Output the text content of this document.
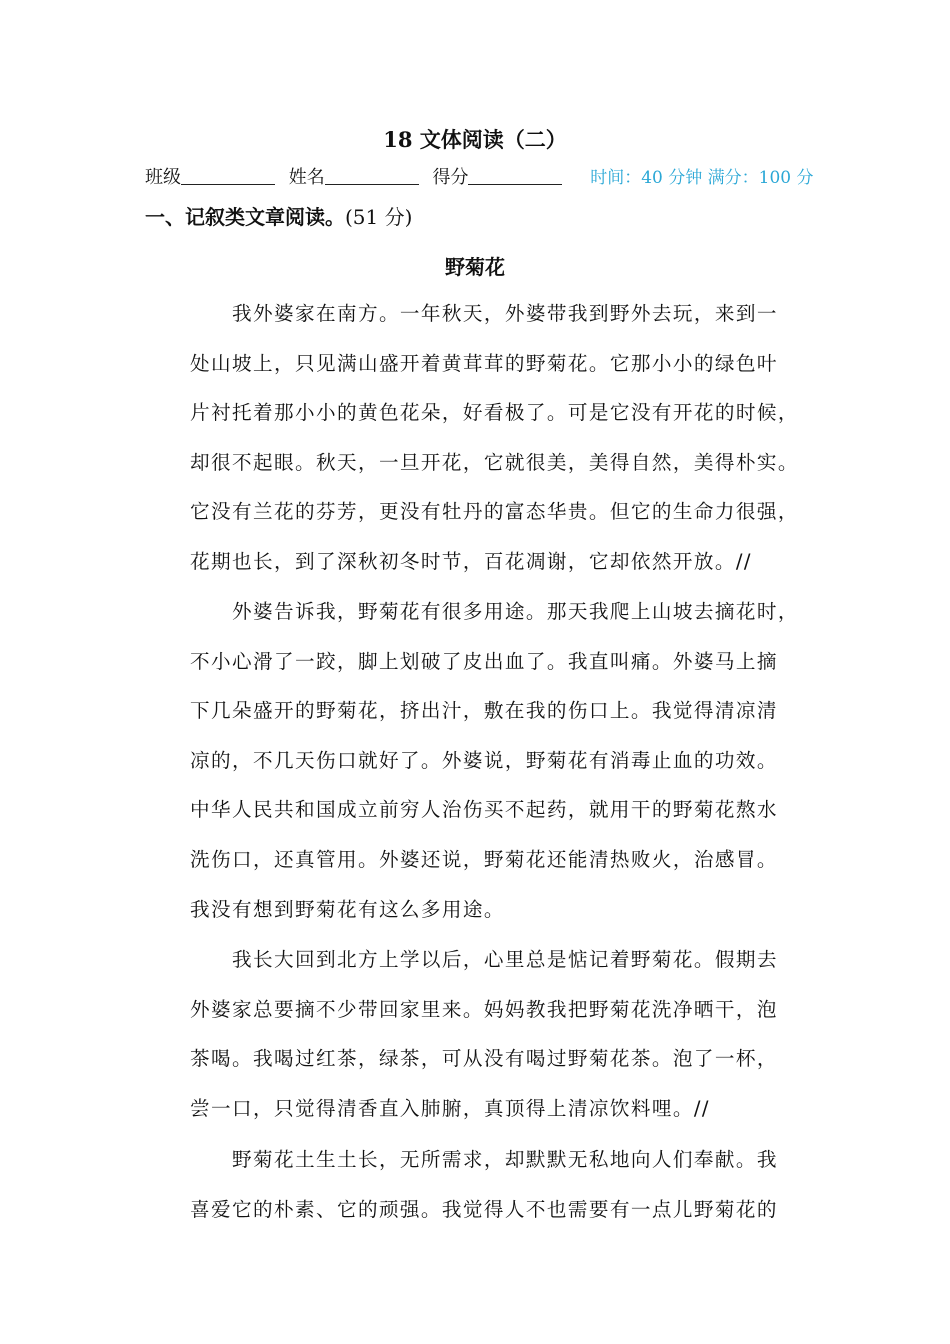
18 文体阅读（二）
班级	姓名	得分	时间：40 分钟 满分：100 分
一、记叙类文章阅读。(51 分)
野菊花
　　我外婆家在南方。一年秋天，外婆带我到野外去玩，来到一
处山坡上，只见满山盛开着黄茸茸的野菊花。它那小小的绿色叶
片衬托着那小小的黄色花朵，好看极了。可是它没有开花的时候，
却很不起眼。秋天，一旦开花，它就很美，美得自然，美得朴实。
它没有兰花的芬芳，更没有牡丹的富态华贵。但它的生命力很强，
花期也长，到了深秋初冬时节，百花凋谢，它却依然开放。//
　　外婆告诉我，野菊花有很多用途。那天我爬上山坡去摘花时，
不小心滑了一跤，脚上划破了皮出血了。我直叫痛。外婆马上摘
下几朵盛开的野菊花，挤出汁，敷在我的伤口上。我觉得清凉清
凉的，不几天伤口就好了。外婆说，野菊花有消毒止血的功效。
中华人民共和国成立前穷人治伤买不起药，就用干的野菊花熬水
洗伤口，还真管用。外婆还说，野菊花还能清热败火，治感冒。
我没有想到野菊花有这么多用途。
　　我长大回到北方上学以后，心里总是惦记着野菊花。假期去
外婆家总要摘不少带回家里来。妈妈教我把野菊花洗净晒干，泡
茶喝。我喝过红茶，绿茶，可从没有喝过野菊花茶。泡了一杯，
尝一口，只觉得清香直入肺腑，真顶得上清凉饮料哩。//
　　野菊花土生土长，无所需求，却默默无私地向人们奉献。我
喜爱它的朴素、它的顽强。我觉得人不也需要有一点儿野菊花的
